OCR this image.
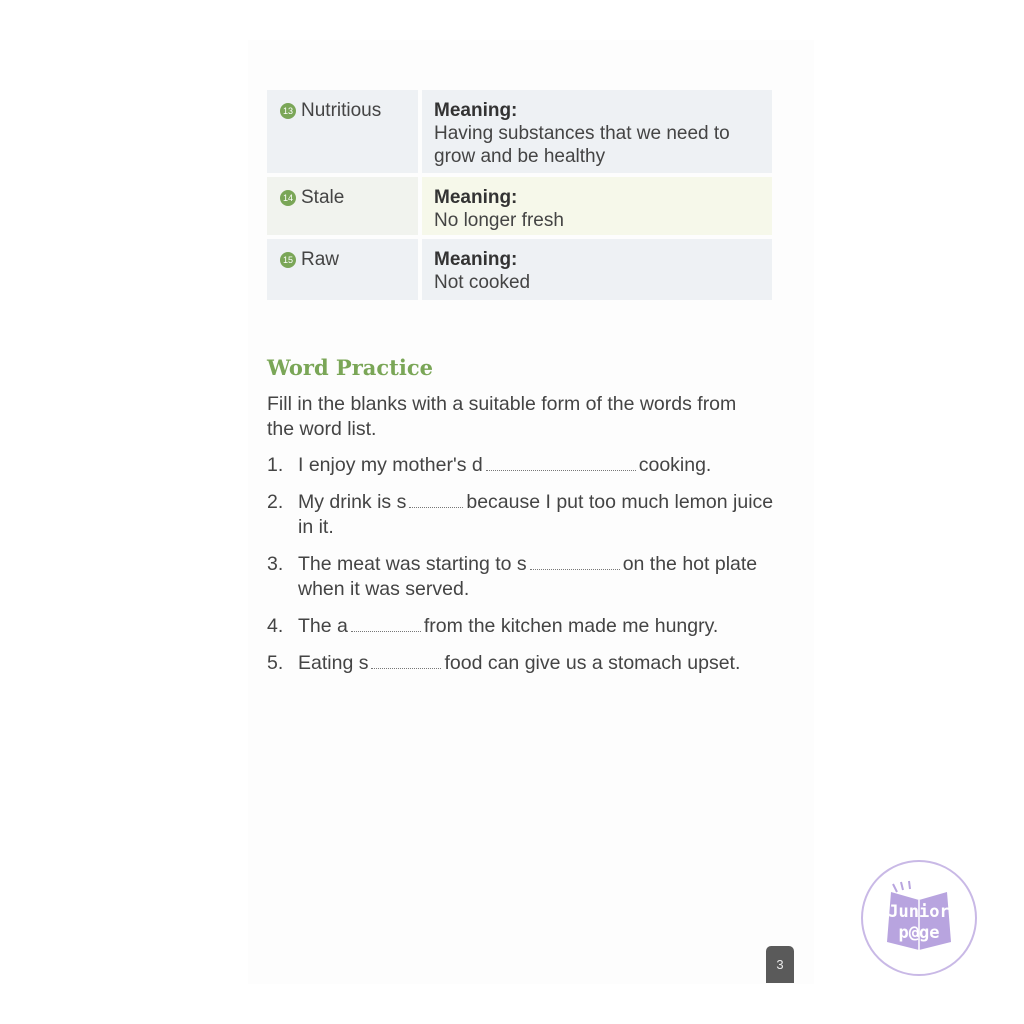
13 Nutritious	Meaning:
Having substances that we need to grow and be healthy
14 Stale	Meaning:
No longer fresh
15 Raw	Meaning:
Not cooked
Word Practice
Fill in the blanks with a suitable form of the words from the word list.
1. I enjoy my mother's d	cooking.
2. My drink is s	because I put too much lemon juice in it.
3. The meat was starting to s	on the hot plate when it was served.
4. The a	from the kitchen made me hungry.
5. Eating s	food can give us a stomach upset.
3
Junior
p@ge
